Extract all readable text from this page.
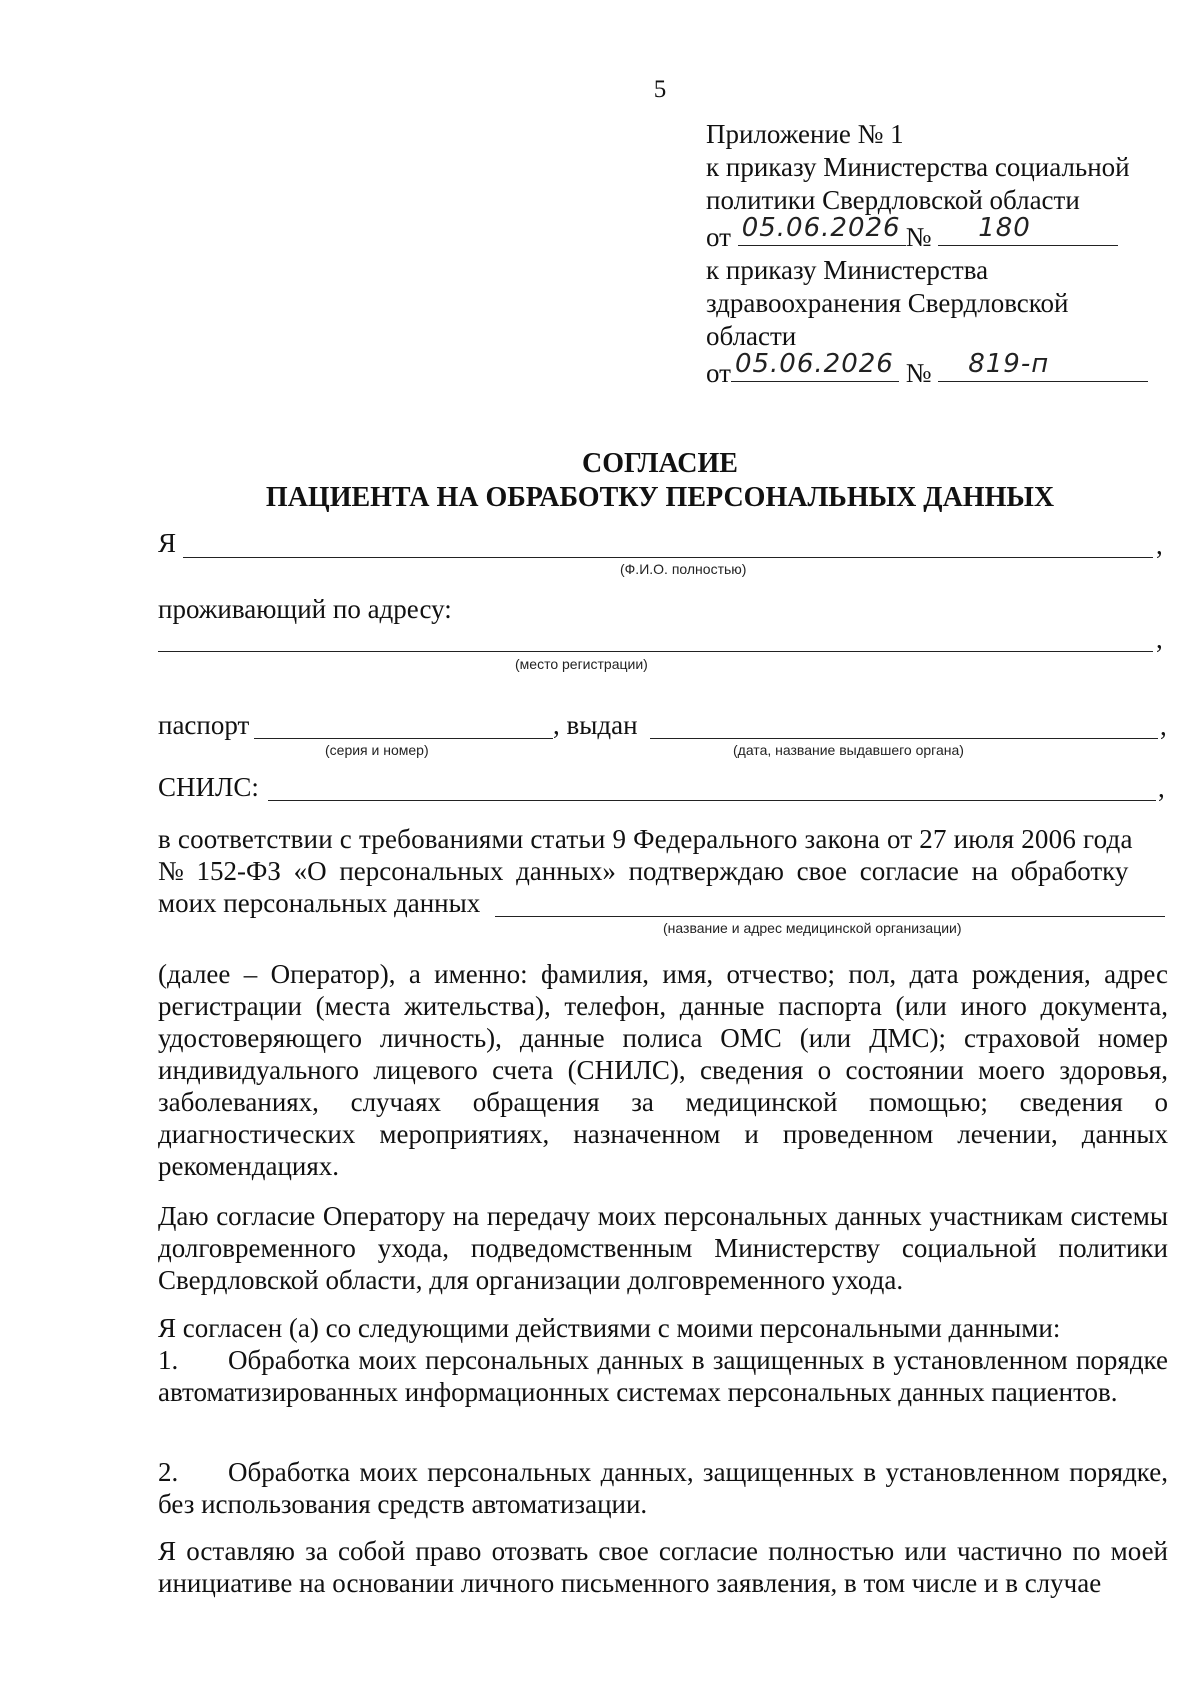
5
Приложение № 1
к приказу Министерства социальной
политики Свердловской области
от 05.06.2026 № 180
к приказу Министерства
здравоохранения Свердловской
области
от 05.06.2026 № 819-п
СОГЛАСИЕ
ПАЦИЕНТА НА ОБРАБОТКУ ПЕРСОНАЛЬНЫХ ДАННЫХ
Я	,
(Ф.И.О. полностью)
проживающий по адресу:
,
(место регистрации)
паспорт	, выдан	,
(серия и номер)	(дата, название выдавшего органа)
СНИЛС:	,
в соответствии с требованиями статьи 9 Федерального закона от 27 июля 2006 года
№ 152-ФЗ «О персональных данных» подтверждаю свое согласие на обработку
моих персональных данных
(название и адрес медицинской организации)
(далее – Оператор), а именно: фамилия, имя, отчество; пол, дата рождения, адрес регистрации (места жительства), телефон, данные паспорта (или иного документа, удостоверяющего личность), данные полиса ОМС (или ДМС); страховой номер индивидуального лицевого счета (СНИЛС), сведения о состоянии моего здоровья, заболеваниях, случаях обращения за медицинской помощью; сведения о диагностических мероприятиях, назначенном и проведенном лечении, данных рекомендациях.
Даю согласие Оператору на передачу моих персональных данных участникам системы долговременного ухода, подведомственным Министерству социальной политики Свердловской области, для организации долговременного ухода.
Я согласен (а) со следующими действиями с моими персональными данными:
1. Обработка моих персональных данных в защищенных в установленном порядке автоматизированных информационных системах персональных данных пациентов.
2. Обработка моих персональных данных, защищенных в установленном порядке, без использования средств автоматизации.
Я оставляю за собой право отозвать свое согласие полностью или частично по моей инициативе на основании личного письменного заявления, в том числе и в случае
